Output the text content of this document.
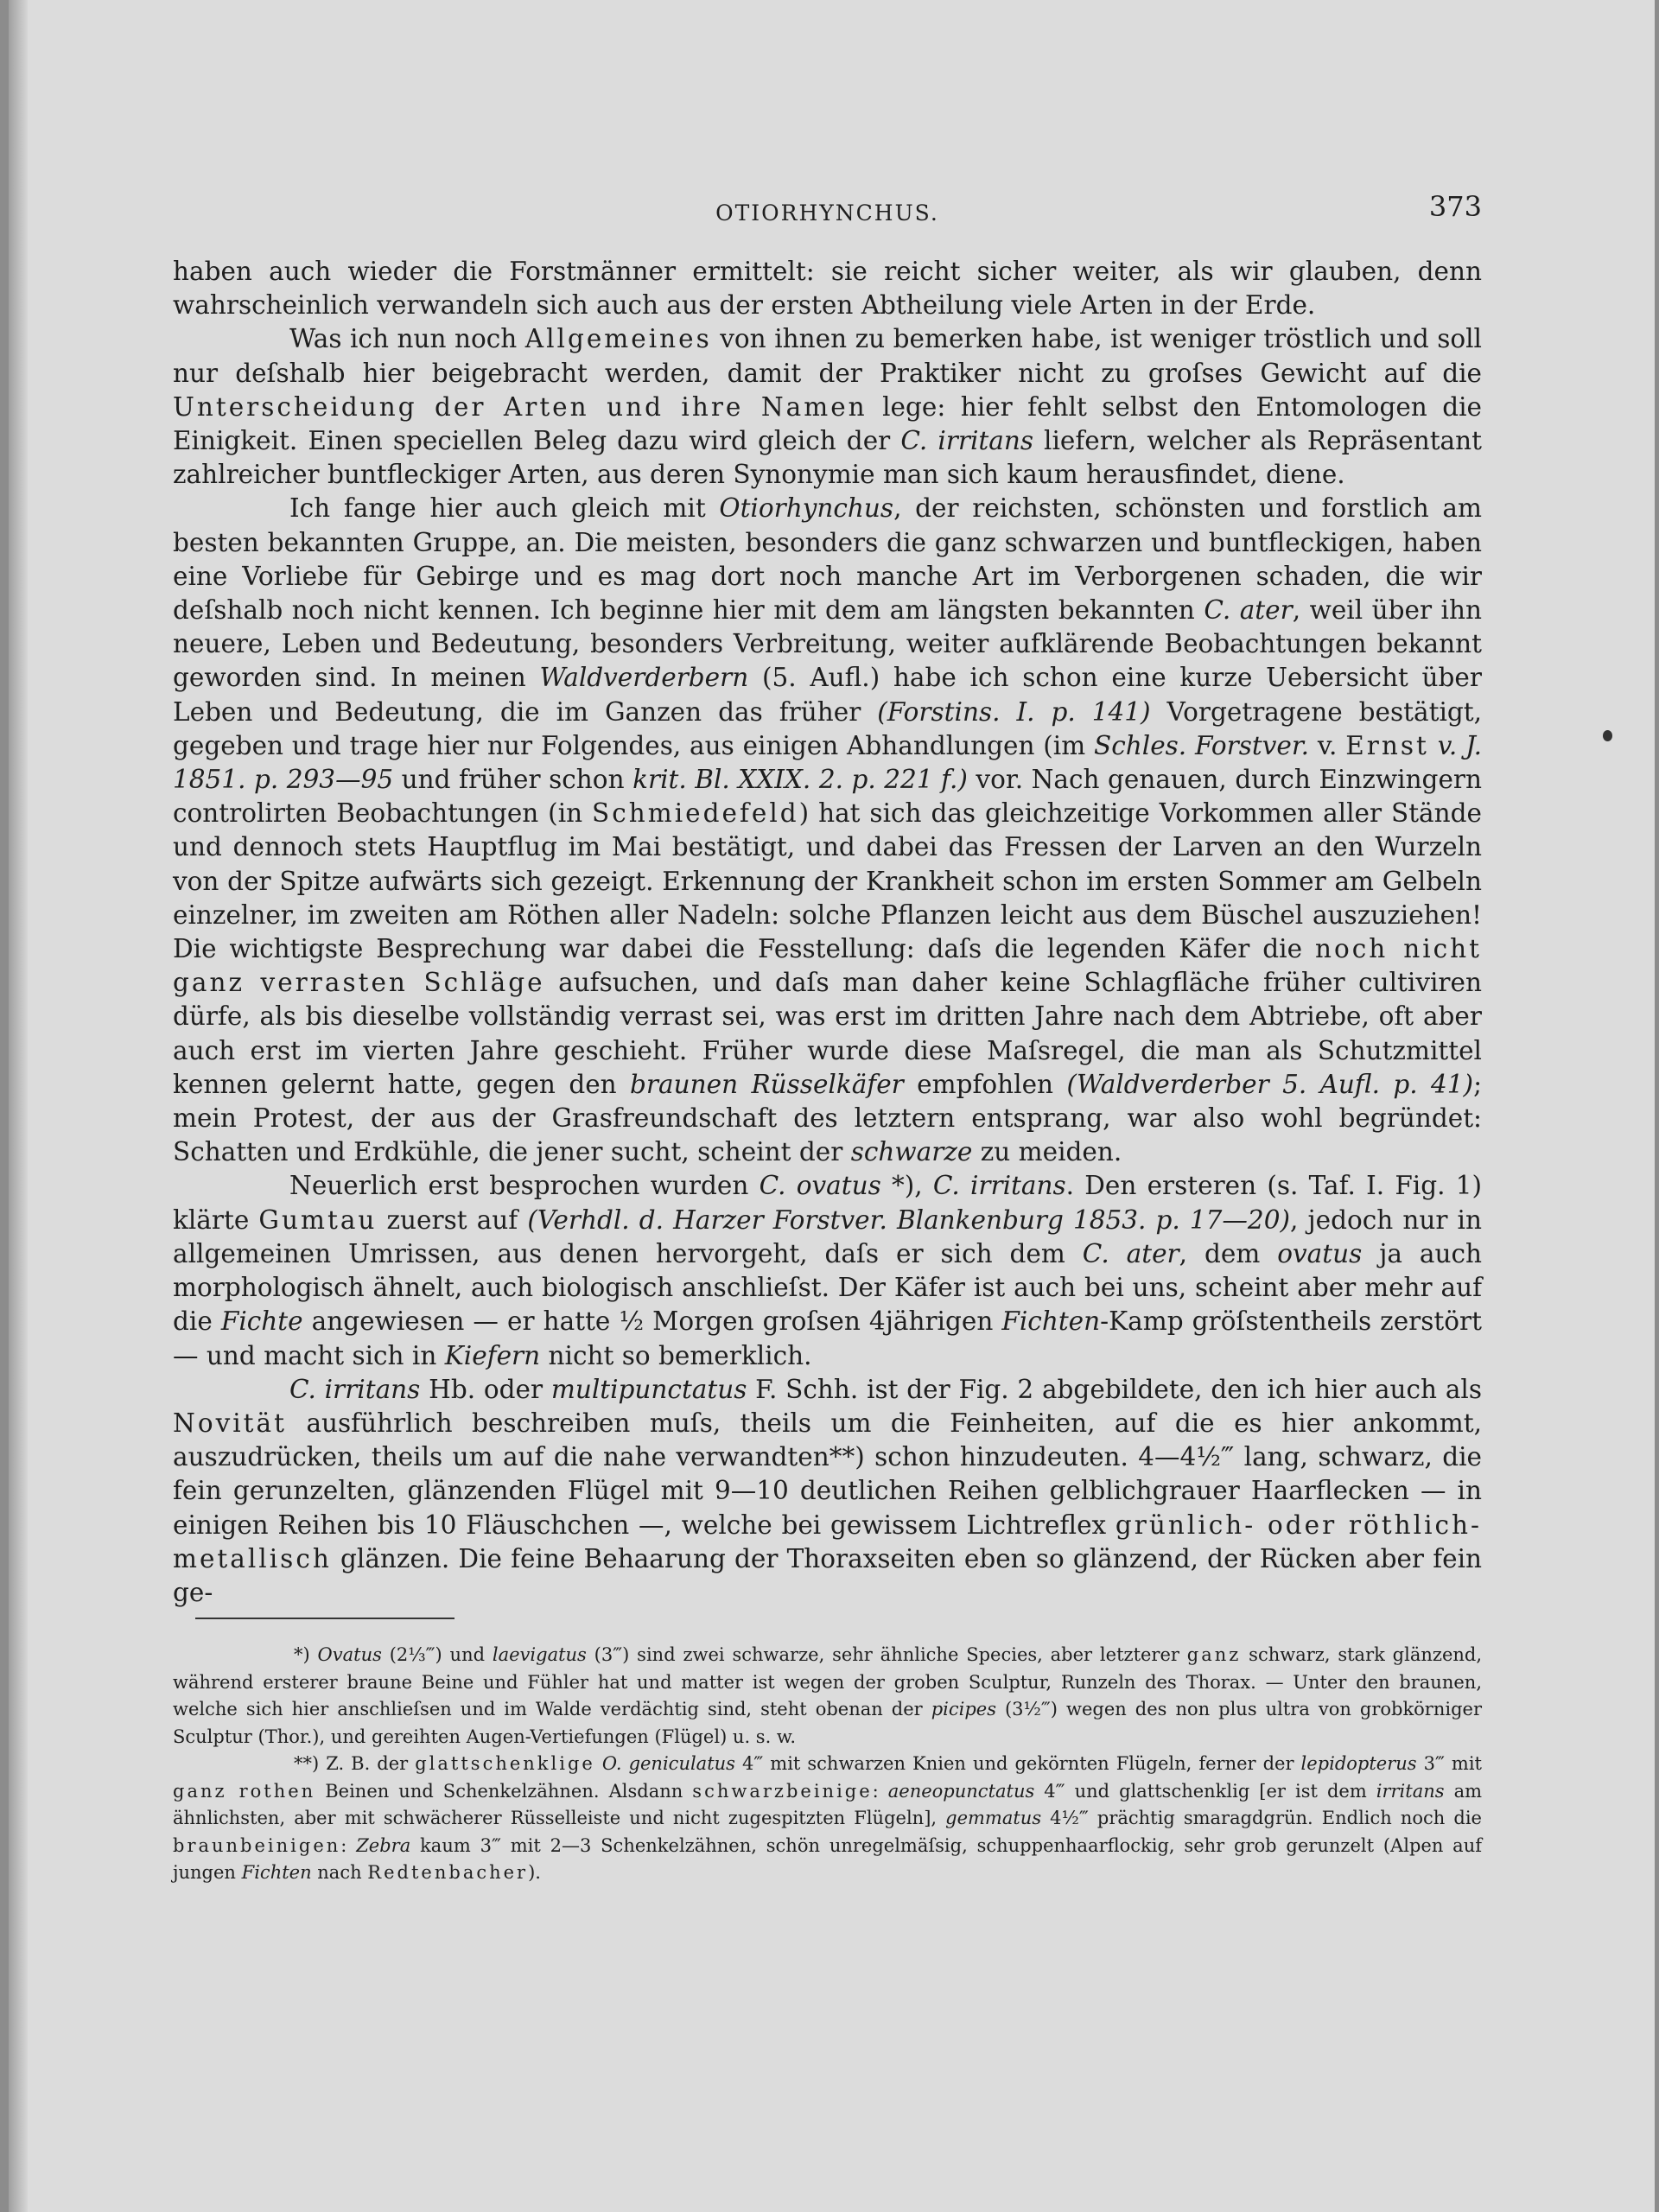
OTIORHYNCHUS.	373

haben auch wieder die Forstmänner ermittelt: sie reicht sicher weiter, als wir glauben, denn wahrscheinlich verwandeln sich auch aus der ersten Abtheilung viele Arten in der Erde.

Was ich nun noch Allgemeines von ihnen zu bemerken habe, ist weniger tröstlich und soll nur deſshalb hier beigebracht werden, damit der Praktiker nicht zu groſses Gewicht auf die Unterscheidung der Arten und ihre Namen lege: hier fehlt selbst den Entomologen die Einigkeit. Einen speciellen Beleg dazu wird gleich der C. irritans liefern, welcher als Repräsentant zahlreicher buntfleckiger Arten, aus deren Synonymie man sich kaum herausfindet, diene.

Ich fange hier auch gleich mit Otiorhynchus, der reichsten, schönsten und forstlich am besten bekannten Gruppe, an. Die meisten, besonders die ganz schwarzen und buntfleckigen, haben eine Vorliebe für Gebirge und es mag dort noch manche Art im Verborgenen schaden, die wir deſshalb noch nicht kennen. Ich beginne hier mit dem am längsten bekannten C. ater, weil über ihn neuere, Leben und Bedeutung, besonders Verbreitung, weiter aufklärende Beobachtungen bekannt geworden sind. In meinen Waldverderbern (5. Aufl.) habe ich schon eine kurze Uebersicht über Leben und Bedeutung, die im Ganzen das früher (Forstins. I. p. 141) Vorgetragene bestätigt, gegeben und trage hier nur Folgendes, aus einigen Abhandlungen (im Schles. Forstver. v. Ernst v. J. 1851. p. 293—95 und früher schon krit. Bl. XXIX. 2. p. 221 f.) vor. Nach genauen, durch Einzwingern controlirten Beobachtungen (in Schmiedefeld) hat sich das gleichzeitige Vorkommen aller Stände und dennoch stets Hauptflug im Mai bestätigt, und dabei das Fressen der Larven an den Wurzeln von der Spitze aufwärts sich gezeigt. Erkennung der Krankheit schon im ersten Sommer am Gelbeln einzelner, im zweiten am Röthen aller Nadeln: solche Pflanzen leicht aus dem Büschel auszuziehen! Die wichtigste Besprechung war dabei die Fesstellung: daſs die legenden Käfer die noch nicht ganz verrasten Schläge aufsuchen, und daſs man daher keine Schlagfläche früher cultiviren dürfe, als bis dieselbe vollständig verrast sei, was erst im dritten Jahre nach dem Abtriebe, oft aber auch erst im vierten Jahre geschieht. Früher wurde diese Maſsregel, die man als Schutzmittel kennen gelernt hatte, gegen den braunen Rüsselkäfer empfohlen (Waldverderber 5. Aufl. p. 41); mein Protest, der aus der Grasfreundschaft des letztern entsprang, war also wohl begründet: Schatten und Erdkühle, die jener sucht, scheint der schwarze zu meiden.

Neuerlich erst besprochen wurden C. ovatus *), C. irritans. Den ersteren (s. Taf. I. Fig. 1) klärte Gumtau zuerst auf (Verhdl. d. Harzer Forstver. Blankenburg 1853. p. 17—20), jedoch nur in allgemeinen Umrissen, aus denen hervorgeht, daſs er sich dem C. ater, dem ovatus ja auch morphologisch ähnelt, auch biologisch anschlieſst. Der Käfer ist auch bei uns, scheint aber mehr auf die Fichte angewiesen — er hatte ½ Morgen groſsen 4jährigen Fichten-Kamp gröſstentheils zerstört — und macht sich in Kiefern nicht so bemerklich.

C. irritans Hb. oder multipunctatus F. Schh. ist der Fig. 2 abgebildete, den ich hier auch als Novität ausführlich beschreiben muſs, theils um die Feinheiten, auf die es hier ankommt, auszudrücken, theils um auf die nahe verwandten**) schon hinzudeuten. 4—4½‴ lang, schwarz, die fein gerunzelten, glänzenden Flügel mit 9—10 deutlichen Reihen gelblichgrauer Haarflecken — in einigen Reihen bis 10 Fläuschchen —, welche bei gewissem Lichtreflex grünlich- oder röthlich-metallisch glänzen. Die feine Behaarung der Thoraxseiten eben so glänzend, der Rücken aber fein ge-

*) Ovatus (2⅓‴) und laevigatus (3‴) sind zwei schwarze, sehr ähnliche Species, aber letzterer ganz schwarz, stark glänzend, während ersterer braune Beine und Fühler hat und matter ist wegen der groben Sculptur, Runzeln des Thorax. — Unter den braunen, welche sich hier anschlieſsen und im Walde verdächtig sind, steht obenan der picipes (3½‴) wegen des non plus ultra von grobkörniger Sculptur (Thor.), und gereihten Augen-Vertiefungen (Flügel) u. s. w.

**) Z. B. der glattschenklige O. geniculatus 4‴ mit schwarzen Knien und gekörnten Flügeln, ferner der lepidopterus 3‴ mit ganz rothen Beinen und Schenkelzähnen. Alsdann schwarzbeinige: aeneopunctatus 4‴ und glattschenklig [er ist dem irritans am ähnlichsten, aber mit schwächerer Rüsselleiste und nicht zugespitzten Flügeln], gemmatus 4½‴ prächtig smaragdgrün. Endlich noch die braunbeinigen: Zebra kaum 3‴ mit 2—3 Schenkelzähnen, schön unregelmäſsig, schuppenhaarflockig, sehr grob gerunzelt (Alpen auf jungen Fichten nach Redtenbacher).
